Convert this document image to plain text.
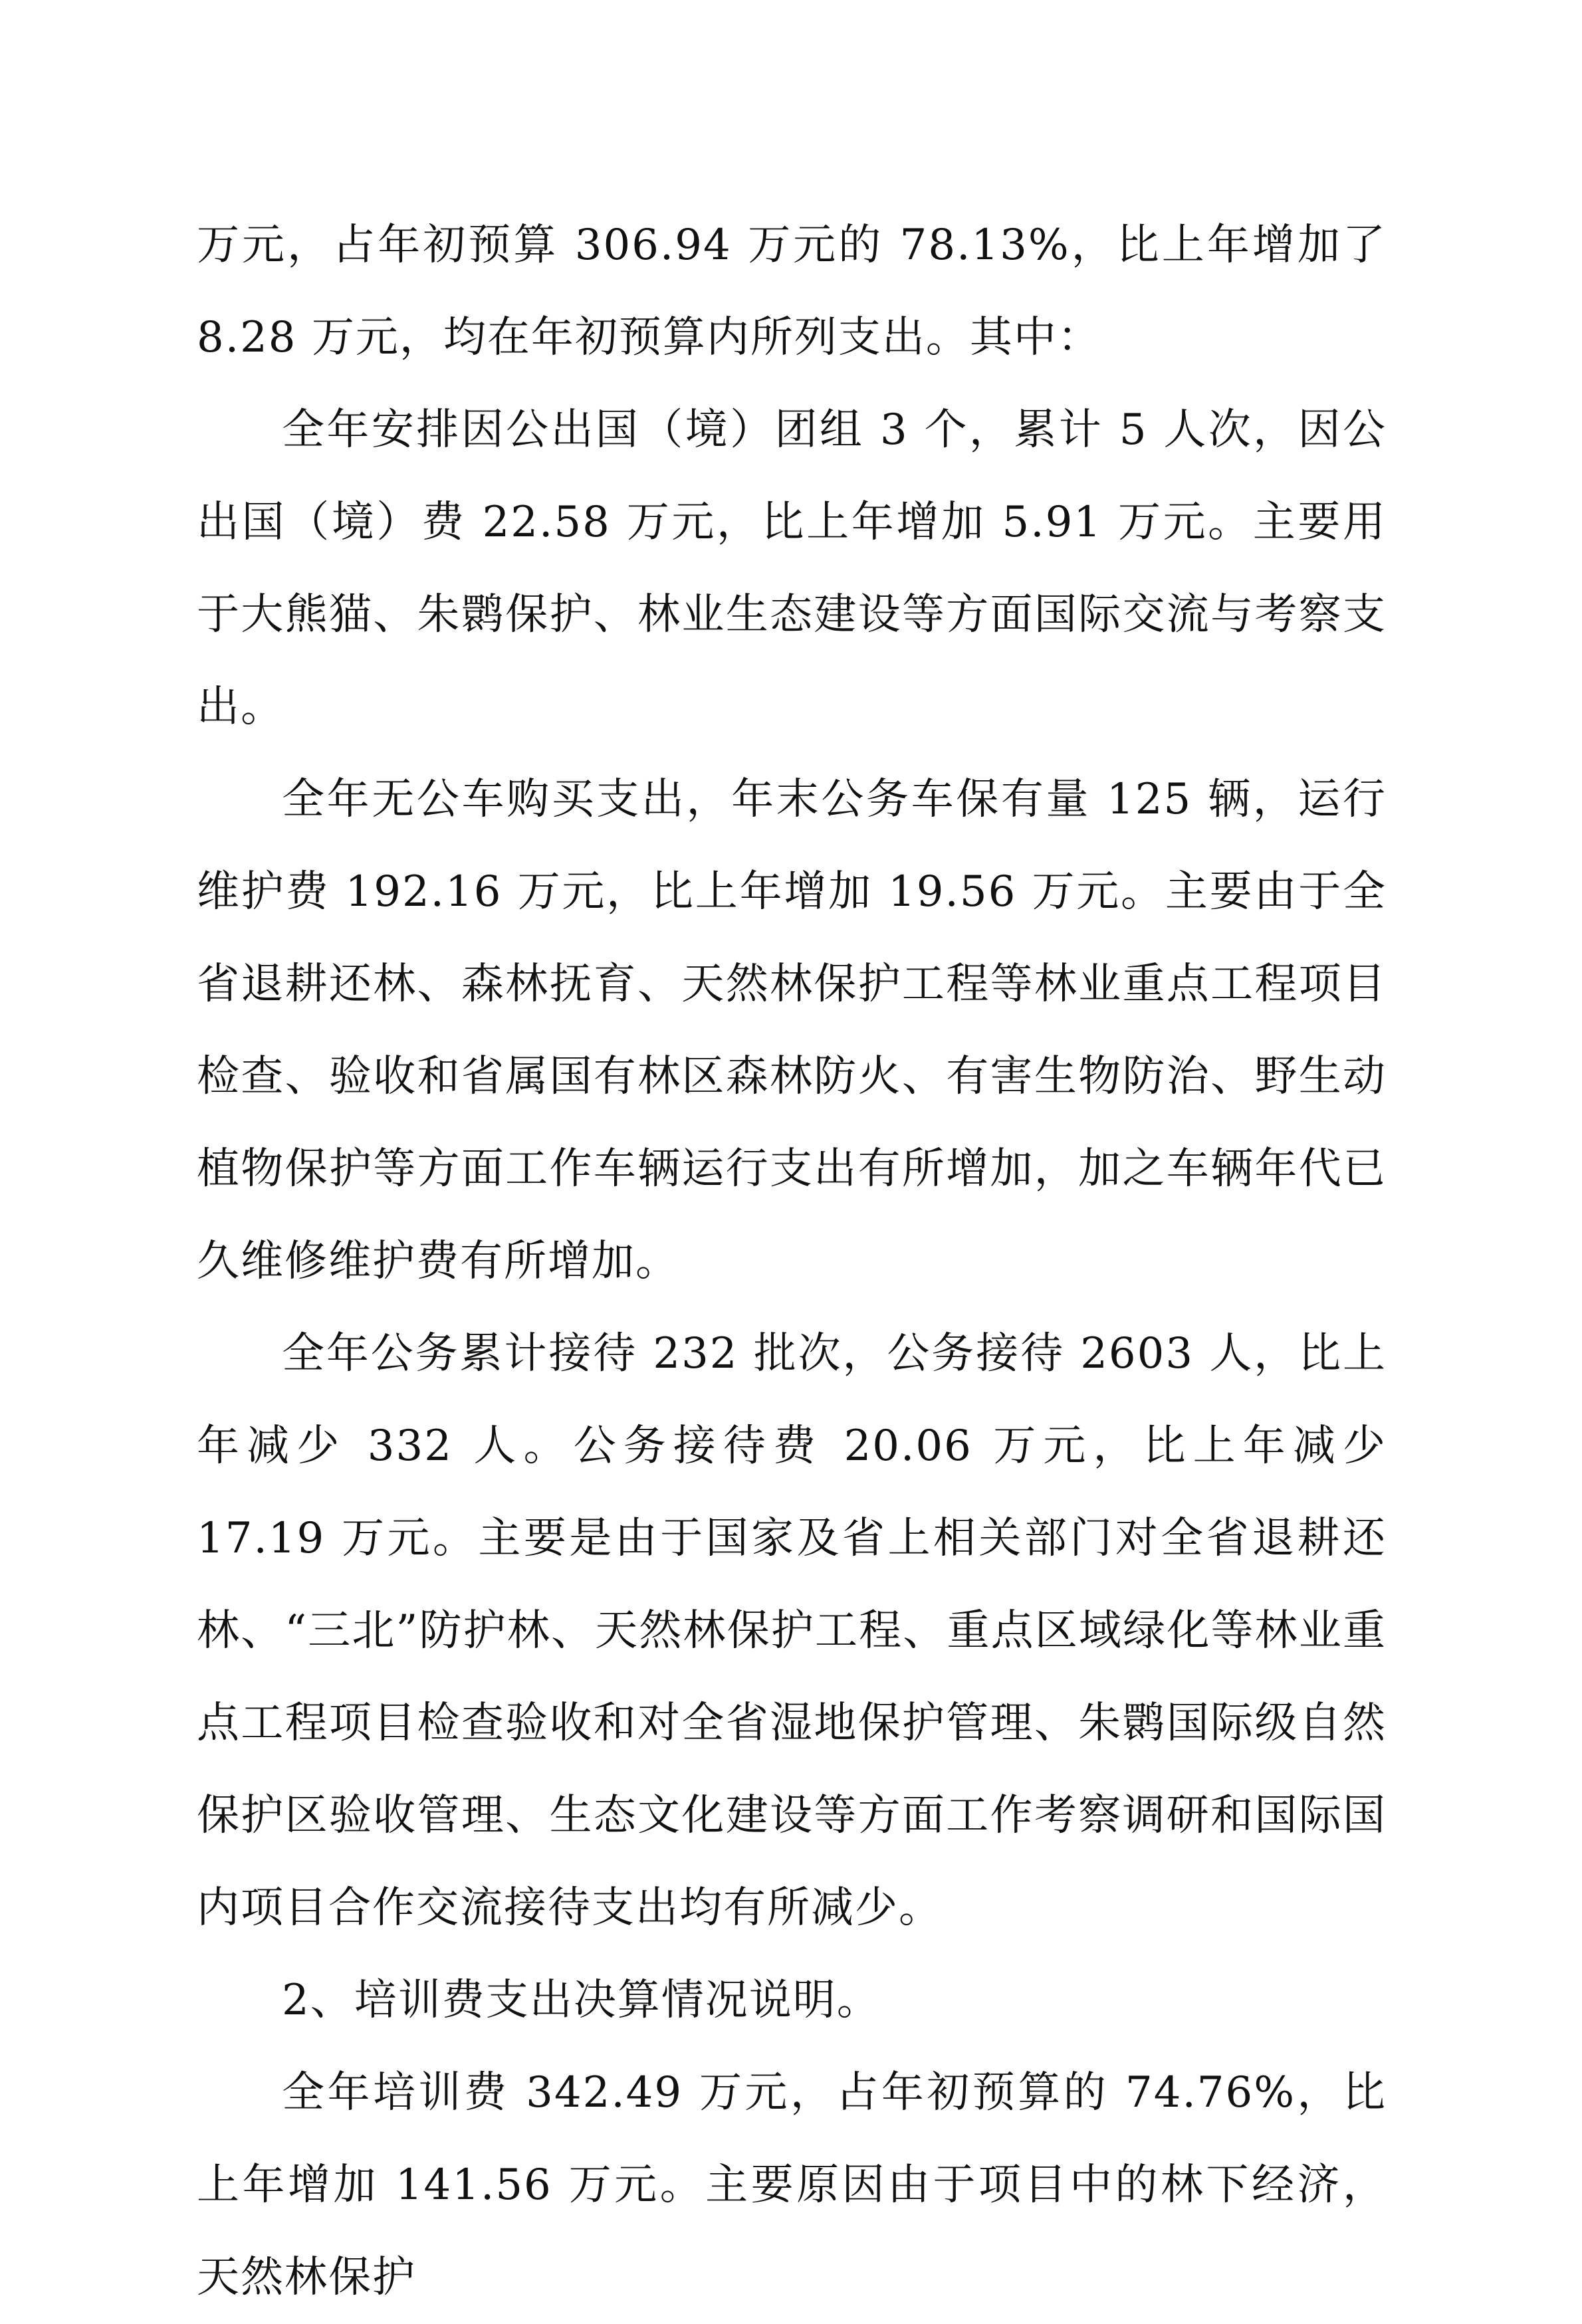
万元，占年初预算 306.94 万元的 78.13%，比上年增加了 8.28 万元，均在年初预算内所列支出。其中：

全年安排因公出国（境）团组 3 个，累计 5 人次，因公出国（境）费 22.58 万元，比上年增加 5.91 万元。主要用于大熊猫、朱鹮保护、林业生态建设等方面国际交流与考察支出。

全年无公车购买支出，年末公务车保有量 125 辆，运行维护费 192.16 万元，比上年增加 19.56 万元。主要由于全省退耕还林、森林抚育、天然林保护工程等林业重点工程项目检查、验收和省属国有林区森林防火、有害生物防治、野生动植物保护等方面工作车辆运行支出有所增加，加之车辆年代已久维修维护费有所增加。

全年公务累计接待 232 批次，公务接待 2603 人，比上年减少 332 人。公务接待费 20.06 万元，比上年减少 17.19 万元。主要是由于国家及省上相关部门对全省退耕还林、“三北”防护林、天然林保护工程、重点区域绿化等林业重点工程项目检查验收和对全省湿地保护管理、朱鹮国际级自然保护区验收管理、生态文化建设等方面工作考察调研和国际国内项目合作交流接待支出均有所减少。

2、培训费支出决算情况说明。

全年培训费 342.49 万元，占年初预算的 74.76%，比上年增加 141.56 万元。主要原因由于项目中的林下经济，天然林保护
